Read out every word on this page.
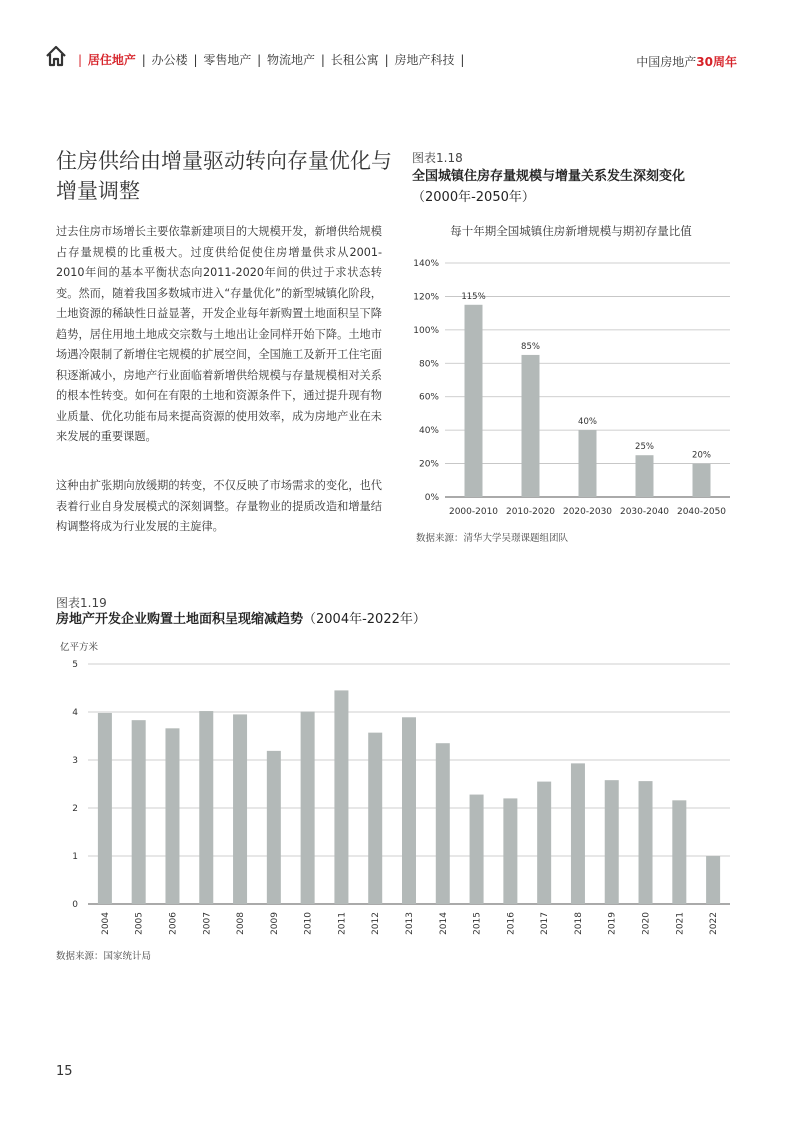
| 居住地产 | 办公楼 | 零售地产 | 物流地产 | 长租公寓 | 房地产科技 |	中国房地产30周年
住房供给由增量驱动转向存量优化与增量调整
过去住房市场增长主要依靠新建项目的大规模开发，新增供给规模占存量规模的比重极大。过度供给促使住房增量供求从2001-2010年间的基本平衡状态向2011-2020年间的供过于求状态转变。然而，随着我国多数城市进入“存量优化”的新型城镇化阶段，土地资源的稀缺性日益显著，开发企业每年新购置土地面积呈下降趋势，居住用地土地成交宗数与土地出让金同样开始下降。土地市场遇冷限制了新增住宅规模的扩展空间，全国施工及新开工住宅面积逐渐减小，房地产行业面临着新增供给规模与存量规模相对关系的根本性转变。如何在有限的土地和资源条件下，通过提升现有物业质量、优化功能布局来提高资源的使用效率，成为房地产业在未来发展的重要课题。
这种由扩张期向放缓期的转变，不仅反映了市场需求的变化，也代表着行业自身发展模式的深刻调整。存量物业的提质改造和增量结构调整将成为行业发展的主旋律。
图表1.18
全国城镇住房存量规模与增量关系发生深刻变化（2000年-2050年）
每十年期全国城镇住房新增规模与期初存量比值
0%
20%
40%
60%
80%
100%
120%
140%
115%
2000-2010
85%
2010-2020
40%
2020-2030
25%
2030-2040
20%
2040-2050
数据来源：清华大学吴璟课题组团队
图表1.19
房地产开发企业购置土地面积呈现缩减趋势（2004年-2022年）
亿平方米
0
1
2
3
4
5
2004	2005	2006	2007	2008	2009	2010	2011	2012	2013	2014	2015	2016	2017	2018	2019	2020	2021	2022
数据来源：国家统计局
15
